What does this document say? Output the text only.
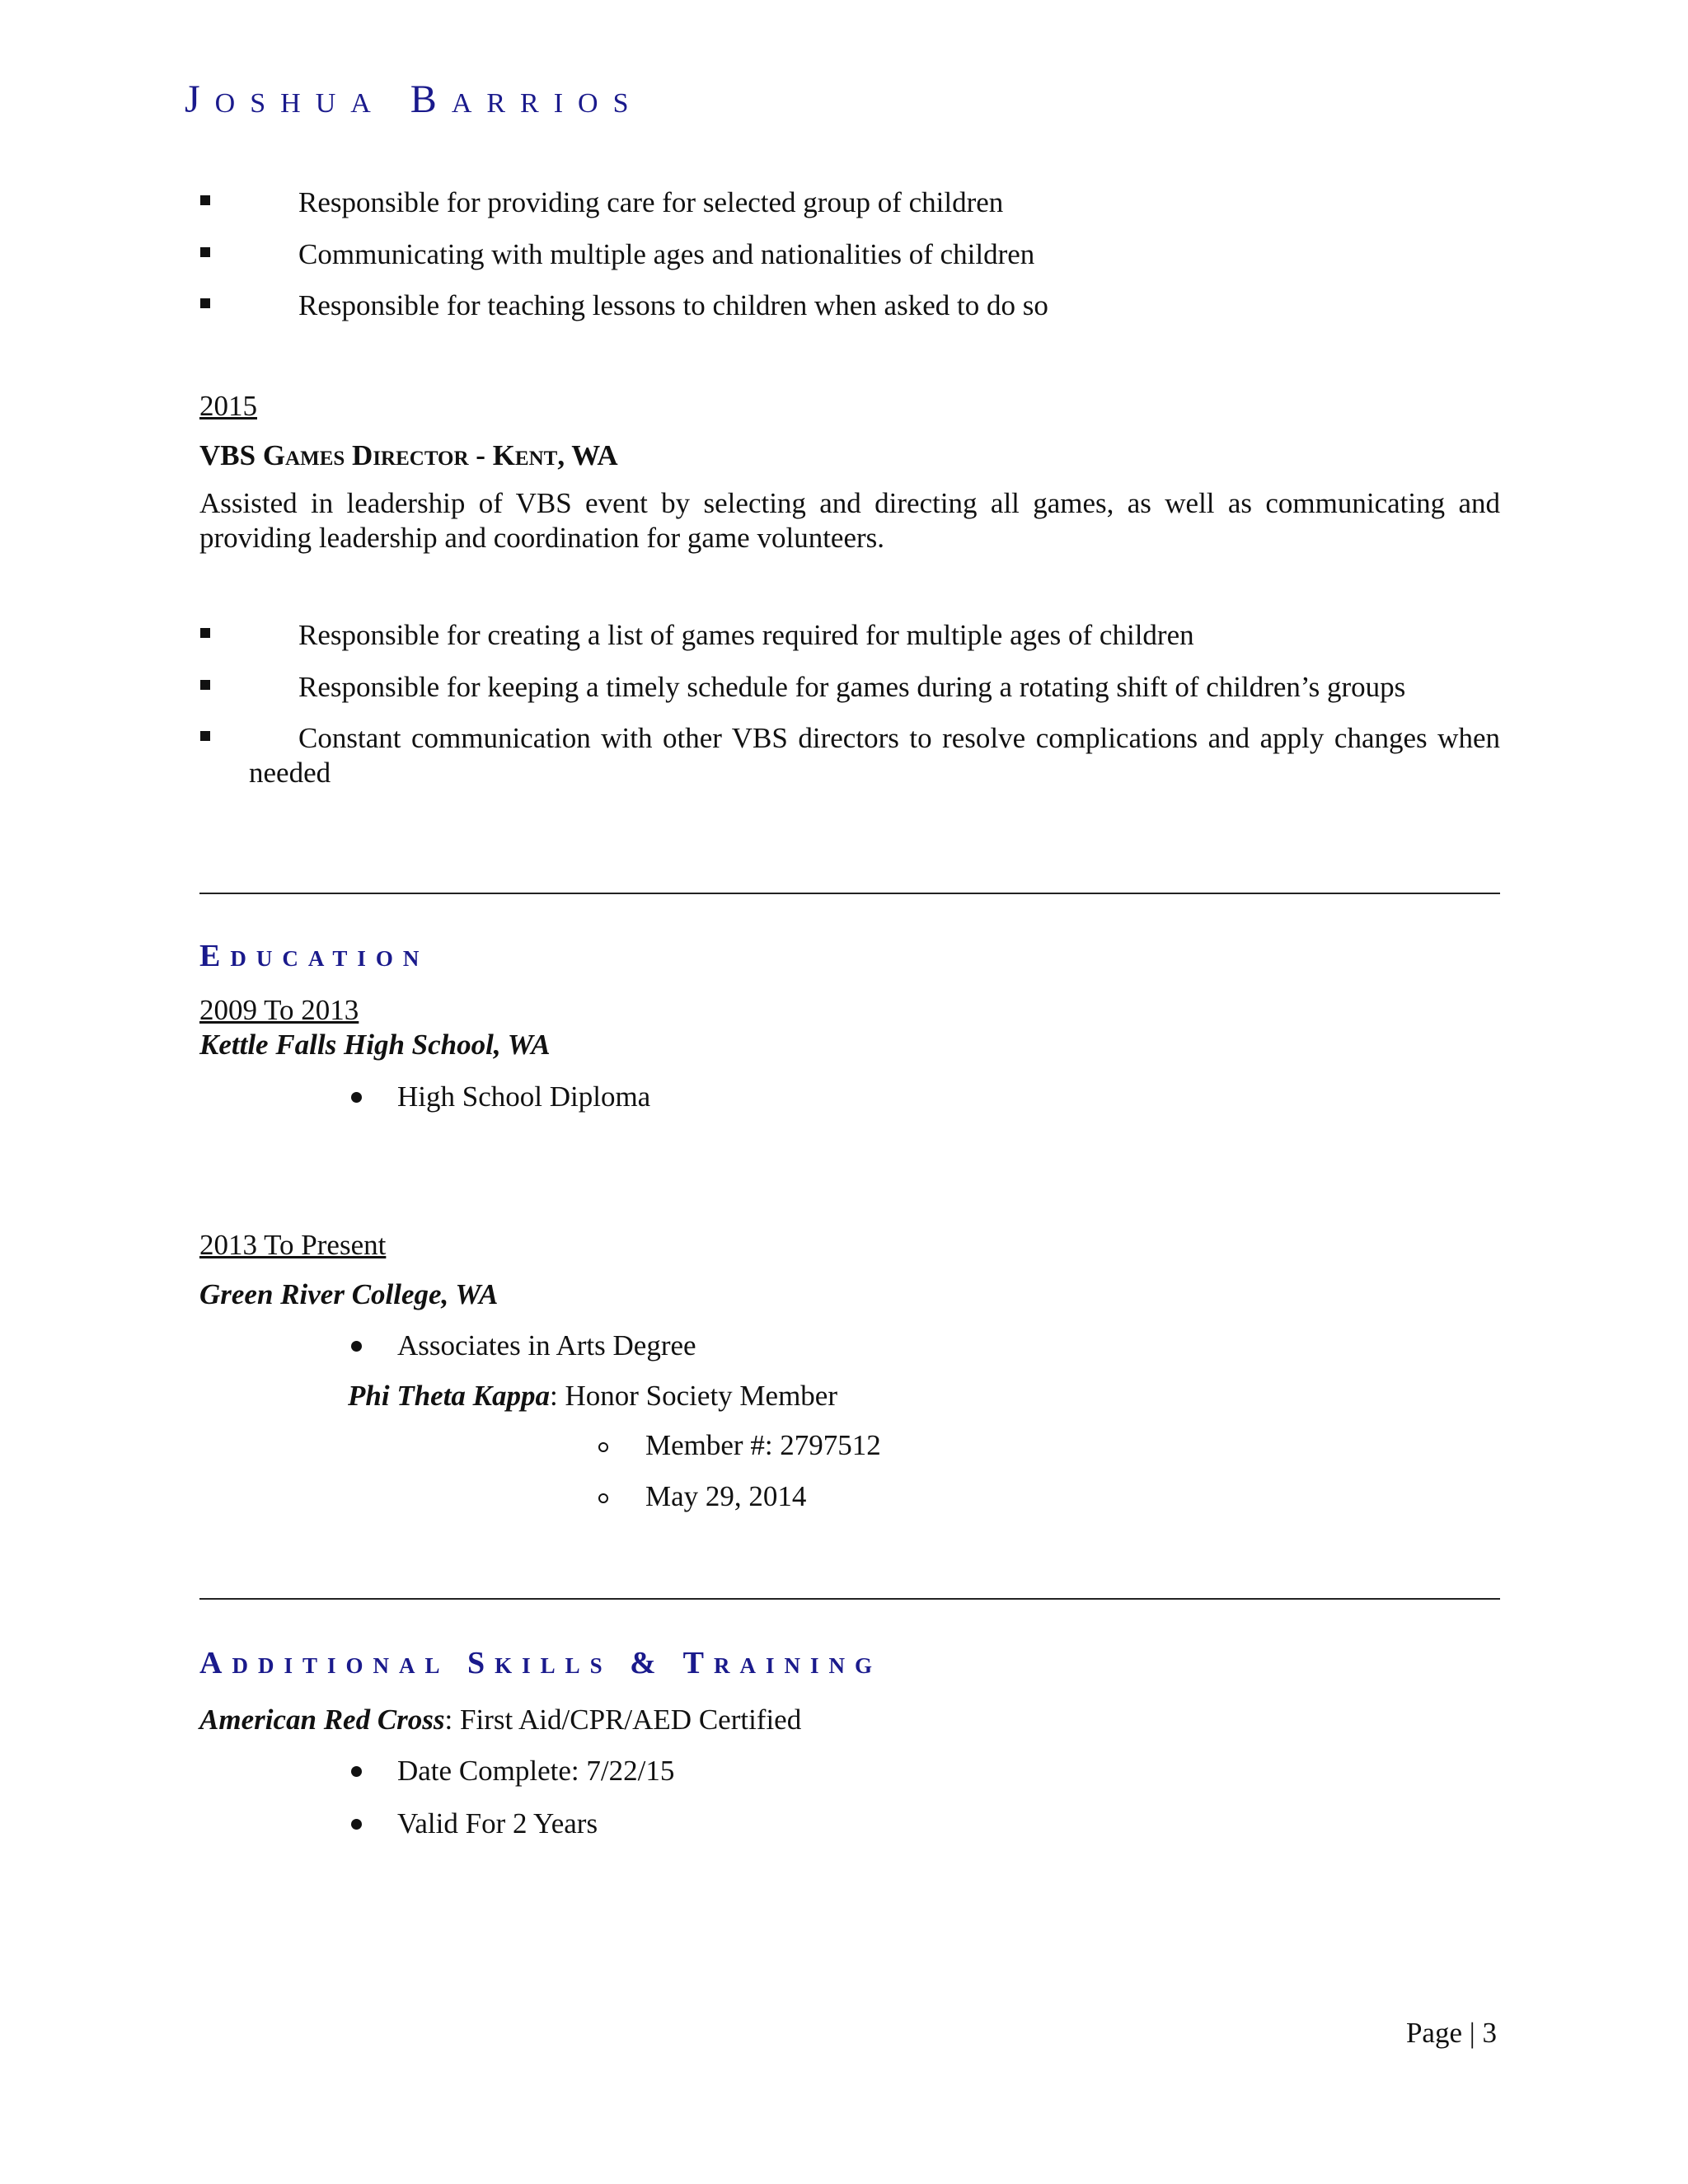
Joshua Barrios
Responsible for providing care for selected group of children
Communicating with multiple ages and nationalities of children
Responsible for teaching lessons to children when asked to do so
2015
VBS Games Director - Kent, WA
Assisted in leadership of VBS event by selecting and directing all games, as well as communicating and providing leadership and coordination for game volunteers.
Responsible for creating a list of games required for multiple ages of children
Responsible for keeping a timely schedule for games during a rotating shift of children’s groups
Constant communication with other VBS directors to resolve complications and apply changes when needed
Education
2009 To 2013
Kettle Falls High School, WA
High School Diploma
2013 To Present
Green River College, WA
Associates in Arts Degree
Phi Theta Kappa: Honor Society Member
Member #: 2797512
May 29, 2014
Additional Skills & Training
American Red Cross: First Aid/CPR/AED Certified
Date Complete: 7/22/15
Valid For 2 Years
Page | 3
